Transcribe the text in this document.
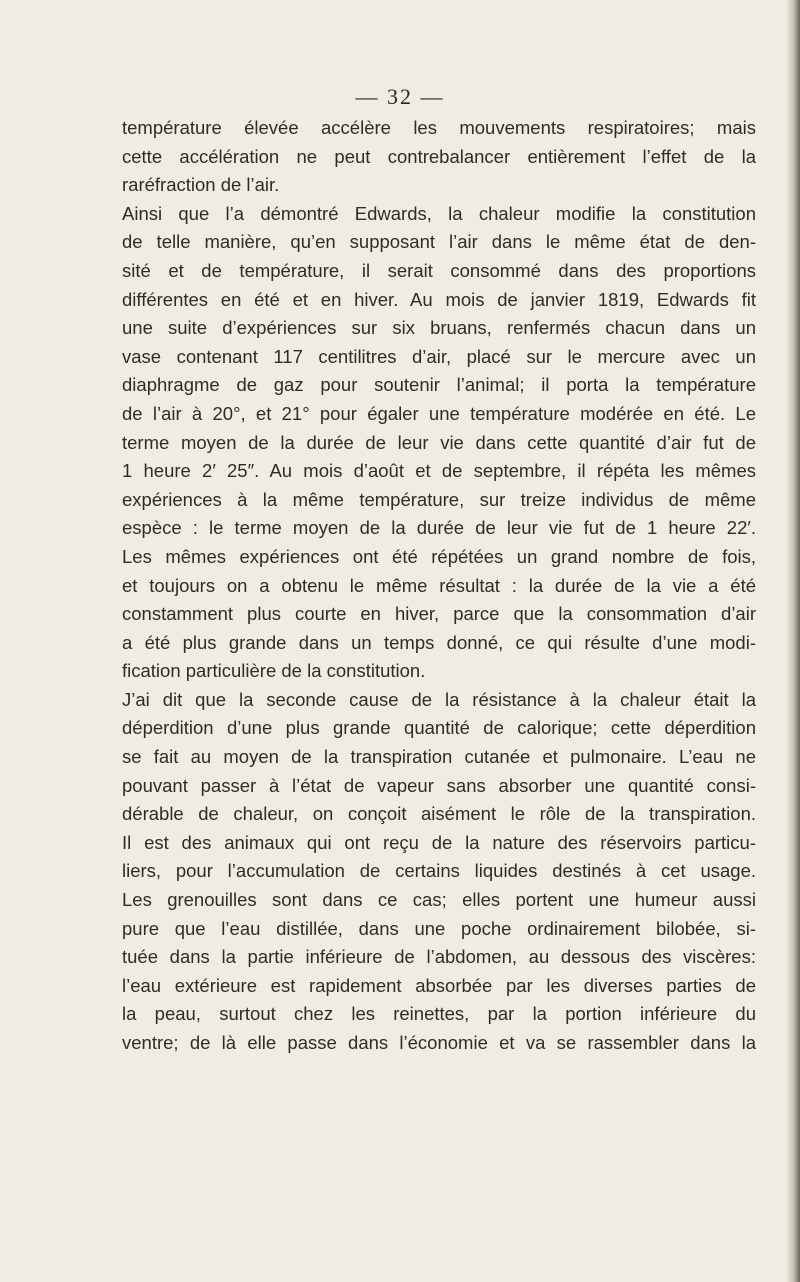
— 32 —
température élevée accélère les mouvements respiratoires; mais
cette accélération ne peut contrebalancer entièrement l’effet de la
raréfraction de l’air.
Ainsi que l’a démontré Edwards, la chaleur modifie la constitution
de telle manière, qu’en supposant l’air dans le même état de den-
sité et de température, il serait consommé dans des proportions
différentes en été et en hiver. Au mois de janvier 1819, Edwards fit
une suite d’expériences sur six bruans, renfermés chacun dans un
vase contenant 117 centilitres d’air, placé sur le mercure avec un
diaphragme de gaz pour soutenir l’animal; il porta la température
de l’air à 20°, et 21° pour égaler une température modérée en été. Le
terme moyen de la durée de leur vie dans cette quantité d’air fut de
1 heure 2′ 25″. Au mois d’août et de septembre, il répéta les mêmes
expériences à la même température, sur treize individus de même
espèce : le terme moyen de la durée de leur vie fut de 1 heure 22′.
Les mêmes expériences ont été répétées un grand nombre de fois,
et toujours on a obtenu le même résultat : la durée de la vie a été
constamment plus courte en hiver, parce que la consommation d’air
a été plus grande dans un temps donné, ce qui résulte d’une modi-
fication particulière de la constitution.
J’ai dit que la seconde cause de la résistance à la chaleur était la
déperdition d’une plus grande quantité de calorique; cette déperdition
se fait au moyen de la transpiration cutanée et pulmonaire. L’eau ne
pouvant passer à l’état de vapeur sans absorber une quantité consi-
dérable de chaleur, on conçoit aisément le rôle de la transpiration.
Il est des animaux qui ont reçu de la nature des réservoirs particu-
liers, pour l’accumulation de certains liquides destinés à cet usage.
Les grenouilles sont dans ce cas; elles portent une humeur aussi
pure que l’eau distillée, dans une poche ordinairement bilobée, si-
tuée dans la partie inférieure de l’abdomen, au dessous des viscères:
l’eau extérieure est rapidement absorbée par les diverses parties de
la peau, surtout chez les reinettes, par la portion inférieure du
ventre; de là elle passe dans l’économie et va se rassembler dans la
